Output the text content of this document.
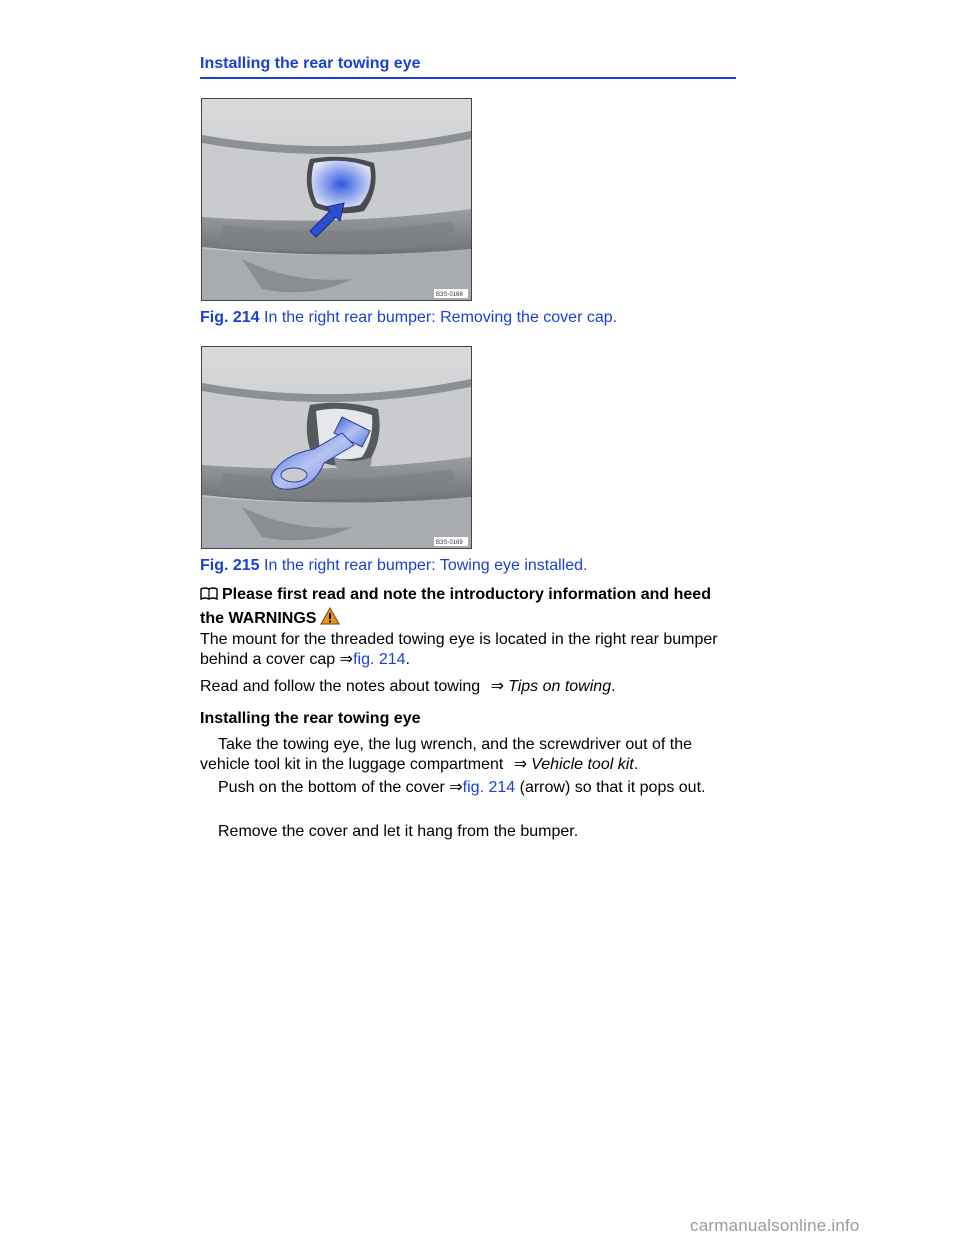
Installing the rear towing eye
B3S-0168
Fig. 214 In the right rear bumper: Removing the cover cap.
B3S-0169
Fig. 215 In the right rear bumper: Towing eye installed.
Please first read and note the introductory information and heed the WARNINGS
The mount for the threaded towing eye is located in the right rear bumper behind a cover cap ⇒fig. 214.
Read and follow the notes about towing ⇒ Tips on towing.
Installing the rear towing eye
Take the towing eye, the lug wrench, and the screwdriver out of the vehicle tool kit in the luggage compartment ⇒ Vehicle tool kit.
Push on the bottom of the cover ⇒fig. 214 (arrow) so that it pops out.
Remove the cover and let it hang from the bumper.
carmanualsonline.info
